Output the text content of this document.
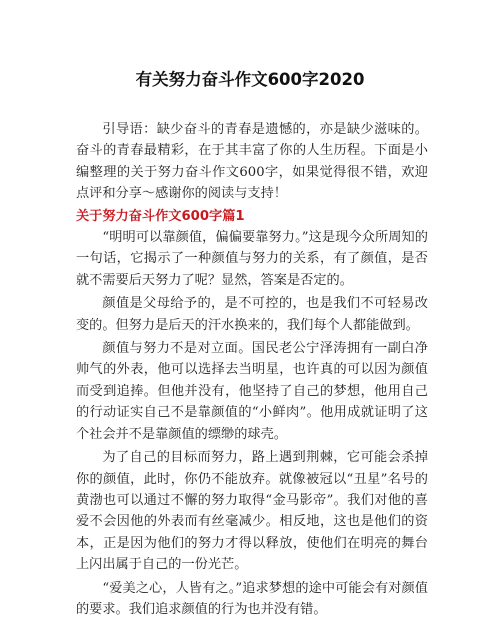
有关努力奋斗作文600字2020

引导语：缺少奋斗的青春是遗憾的，亦是缺少滋味的。奋斗的青春最精彩，在于其丰富了你的人生历程。下面是小编整理的关于努力奋斗作文600字，如果觉得很不错，欢迎点评和分享～感谢你的阅读与支持！

关于努力奋斗作文600字篇1

“明明可以靠颜值，偏偏要靠努力。”这是现今众所周知的一句话，它揭示了一种颜值与努力的关系，有了颜值，是否就不需要后天努力了呢？显然，答案是否定的。

颜值是父母给予的，是不可控的，也是我们不可轻易改变的。但努力是后天的汗水换来的，我们每个人都能做到。

颜值与努力不是对立面。国民老公宁泽涛拥有一副白净帅气的外表，他可以选择去当明星，也许真的可以因为颜值而受到追捧。但他并没有，他坚持了自己的梦想，他用自己的行动证实自己不是靠颜值的“小鲜肉”。他用成就证明了这个社会并不是靠颜值的缥缈的球壳。

为了自己的目标而努力，路上遇到荆棘，它可能会杀掉你的颜值，此时，你仍不能放弃。就像被冠以“丑星”名号的黄渤也可以通过不懈的努力取得“金马影帝”。我们对他的喜爱不会因他的外表而有丝毫减少。相反地，这也是他们的资本，正是因为他们的努力才得以释放，使他们在明亮的舞台上闪出属于自己的一份光芒。

“爱美之心，人皆有之。”追求梦想的途中可能会有对颜值的要求。我们追求颜值的行为也并没有错。
